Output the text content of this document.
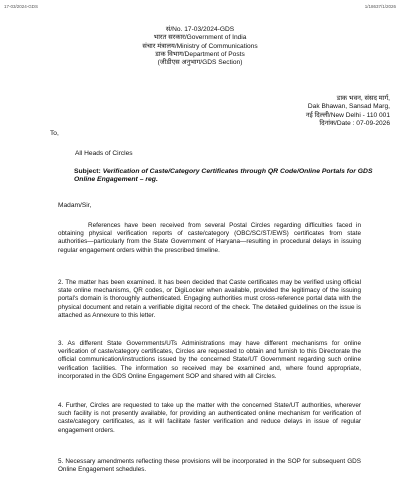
17-03/2024-GDS	1/18637/1/2026
सं/No. 17-03/2024-GDS
भारत सरकार/Government of India
संचार मंत्रालय/Ministry of Communications
डाक विभाग/Department of Posts
(जीडीएस अनुभाग/GDS Section)
डाक भवन, संसद मार्ग,
Dak Bhawan, Sansad Marg,
नई दिल्ली/New Delhi - 110 001
दिनांक/Date : 07-09-2026
To,
All Heads of Circles
Subject: Verification of Caste/Category Certificates through QR Code/Online Portals for GDS Online Engagement – reg.
Madam/Sir,
References have been received from several Postal Circles regarding difficulties faced in obtaining physical verification reports of caste/category (OBC/SC/ST/EWS) certificates from state authorities—particularly from the State Government of Haryana—resulting in procedural delays in issuing regular engagement orders within the prescribed timeline.
2. The matter has been examined. It has been decided that Caste certificates may be verified using official state online mechanisms, QR codes, or DigiLocker when available, provided the legitimacy of the issuing portal's domain is thoroughly authenticated. Engaging authorities must cross-reference portal data with the physical document and retain a verifiable digital record of the check. The detailed guidelines on the issue is attached as Annexure to this letter.
3. As different State Governments/UTs Administrations may have different mechanisms for online verification of caste/category certificates, Circles are requested to obtain and furnish to this Directorate the official communication/instructions issued by the concerned State/UT Government regarding such online verification facilities. The information so received may be examined and, where found appropriate, incorporated in the GDS Online Engagement SOP and shared with all Circles.
4. Further, Circles are requested to take up the matter with the concerned State/UT authorities, wherever such facility is not presently available, for providing an authenticated online mechanism for verification of caste/category certificates, as it will facilitate faster verification and reduce delays in issue of regular engagement orders.
5. Necessary amendments reflecting these provisions will be incorporated in the SOP for subsequent GDS Online Engagement schedules.
